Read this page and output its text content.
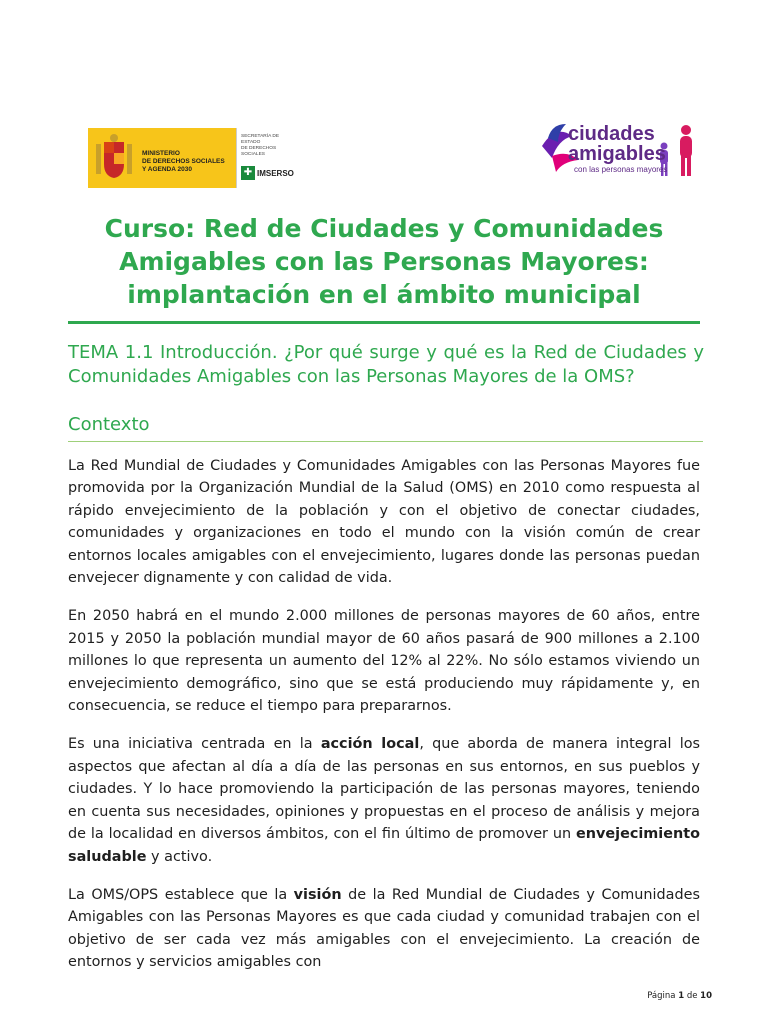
MINISTERIO
DE DERECHOS SOCIALES
Y AGENDA 2030
SECRETARÍA DE ESTADO
DE DERECHOS SOCIALES
✚ IMSERSO
ciudades
amigables
con las personas mayores
Curso: Red de Ciudades y Comunidades
Amigables con las Personas Mayores:
implantación en el ámbito municipal
TEMA 1.1 Introducción. ¿Por qué surge y qué es la Red de Ciudades y Comunidades Amigables con las Personas Mayores de la OMS?
Contexto

La Red Mundial de Ciudades y Comunidades Amigables con las Personas Mayores fue promovida por la Organización Mundial de la Salud (OMS) en 2010 como respuesta al rápido envejecimiento de la población y con el objetivo de conectar ciudades, comunidades y organizaciones en todo el mundo con la visión común de crear entornos locales amigables con el envejecimiento, lugares donde las personas puedan envejecer dignamente y con calidad de vida.

En 2050 habrá en el mundo 2.000 millones de personas mayores de 60 años, entre 2015 y 2050 la población mundial mayor de 60 años pasará de 900 millones a 2.100 millones lo que representa un aumento del 12% al 22%. No sólo estamos viviendo un envejecimiento demográfico, sino que se está produciendo muy rápidamente y, en consecuencia, se reduce el tiempo para prepararnos.

Es una iniciativa centrada en la acción local, que aborda de manera integral los aspectos que afectan al día a día de las personas en sus entornos, en sus pueblos y ciudades. Y lo hace promoviendo la participación de las personas mayores, teniendo en cuenta sus necesidades, opiniones y propuestas en el proceso de análisis y mejora de la localidad en diversos ámbitos, con el fin último de promover un envejecimiento saludable y activo.

La OMS/OPS establece que la visión de la Red Mundial de Ciudades y Comunidades Amigables con las Personas Mayores es que cada ciudad y comunidad trabajen con el objetivo de ser cada vez más amigables con el envejecimiento. La creación de entornos y servicios amigables con

Página 1 de 10
